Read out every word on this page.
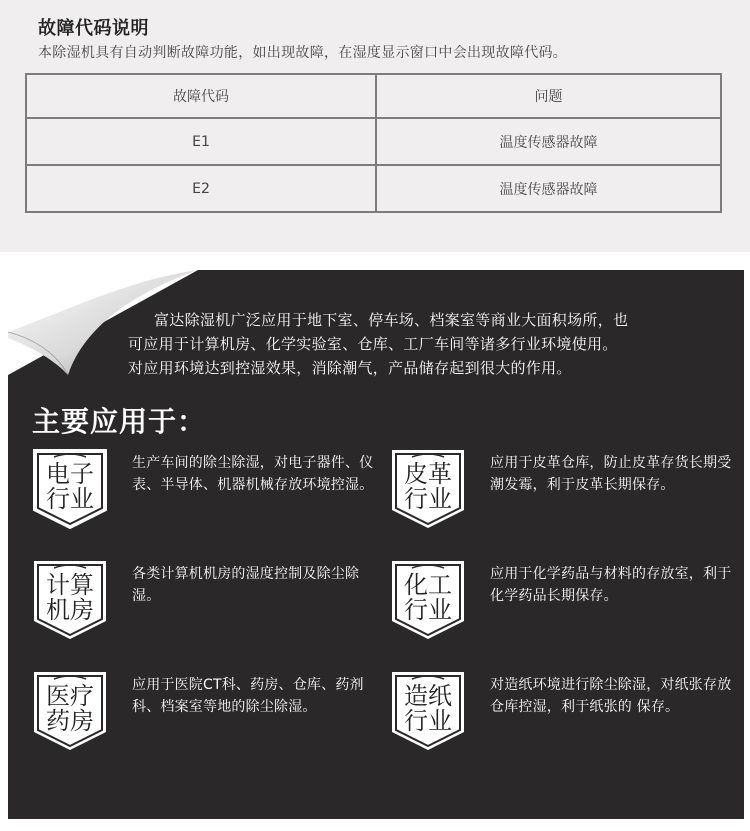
故障代码说明

本除湿机具有自动判断故障功能，如出现故障，在湿度显示窗口中会出现故障代码。

故障代码	问题
E1	温度传感器故障
E2	温度传感器故障

富达除湿机广泛应用于地下室、停车场、档案室等商业大面积场所，也

可应用于计算机房、化学实验室、仓库、工厂车间等诸多行业环境使用。

对应用环境达到控湿效果，消除潮气，产品储存起到很大的作用。

主要应用于：
电子
行业
生产车间的除尘除湿，对电子器件、仪表、半导体、机器机械存放环境控湿。	皮革
行业
应用于皮革仓库，防止皮革存货长期受潮发霉，利于皮革长期保存。
计算
机房
各类计算机机房的湿度控制及除尘除湿。	化工
行业
应用于化学药品与材料的存放室，利于化学药品长期保存。
医疗
药房
应用于医院CT科、药房、仓库、药剂科、档案室等地的除尘除湿。	造纸
行业
对造纸环境进行除尘除湿，对纸张存放仓库控湿，利于纸张的 保存。
